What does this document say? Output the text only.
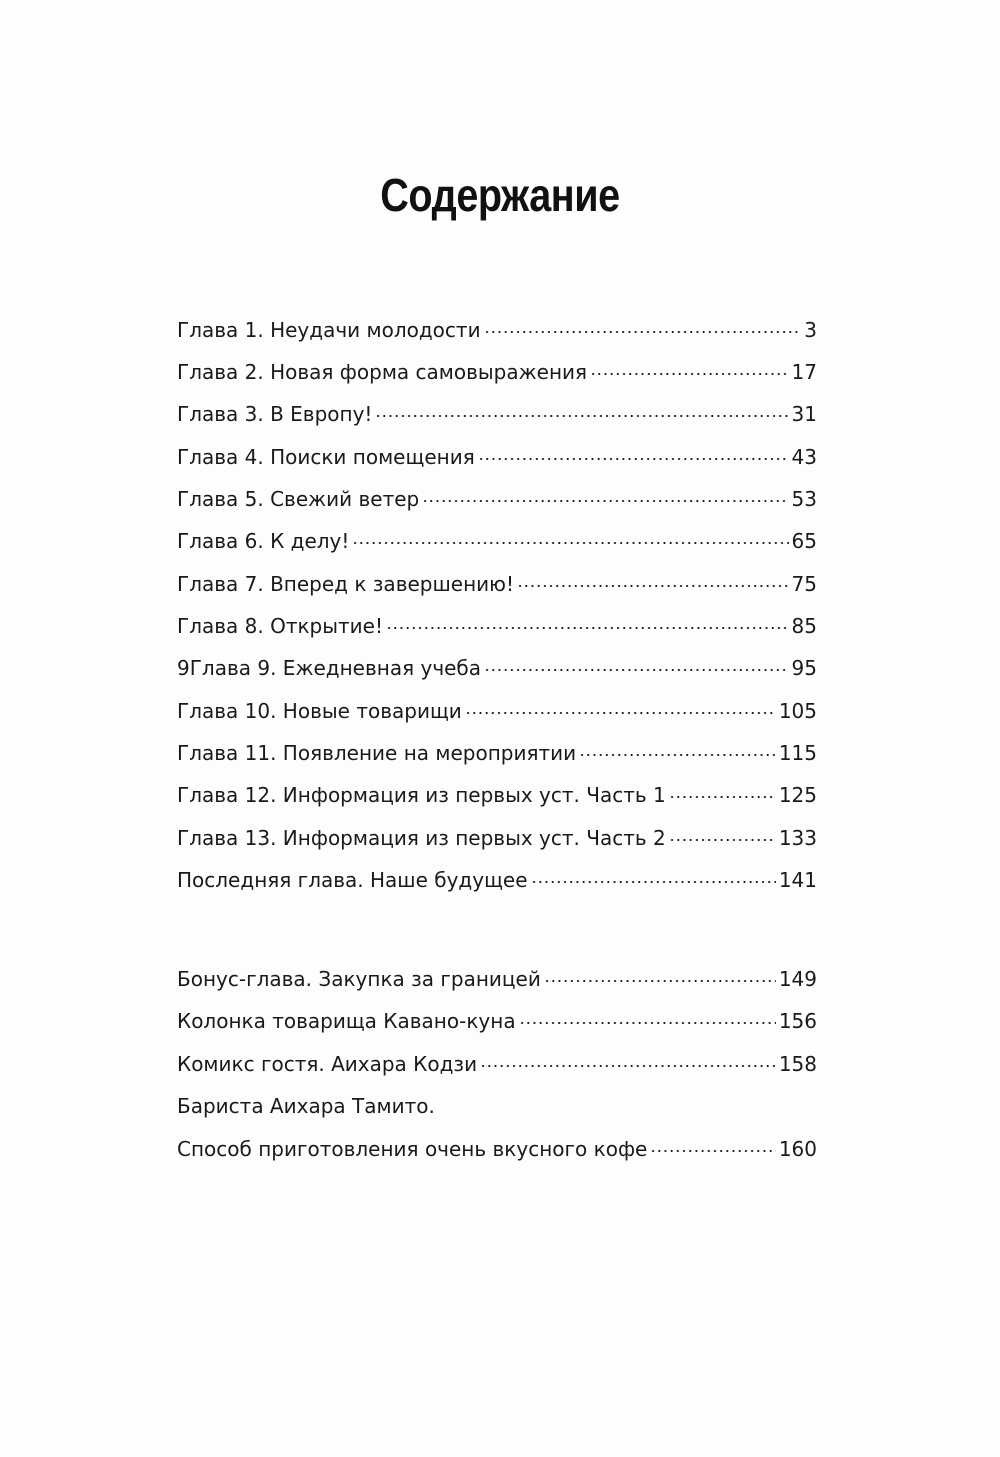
Содержание
Глава 1. Неудачи молодости	3
Глава 2. Новая форма самовыражения	17
Глава 3. В Европу!	31
Глава 4. Поиски помещения	43
Глава 5. Свежий ветер	53
Глава 6. К делу!	65
Глава 7. Вперед к завершению!	75
Глава 8. Открытие!	85
9Глава 9. Ежедневная учеба	95
Глава 10. Новые товарищи	105
Глава 11. Появление на мероприятии	115
Глава 12. Информация из первых уст. Часть 1	125
Глава 13. Информация из первых уст. Часть 2	133
Последняя глава. Наше будущее	141
Бонус-глава. Закупка за границей	149
Колонка товарища Кавано-куна	156
Комикс гостя. Аихара Кодзи	158
Бариста Аихара Тамито.
Способ приготовления очень вкусного кофе	160
